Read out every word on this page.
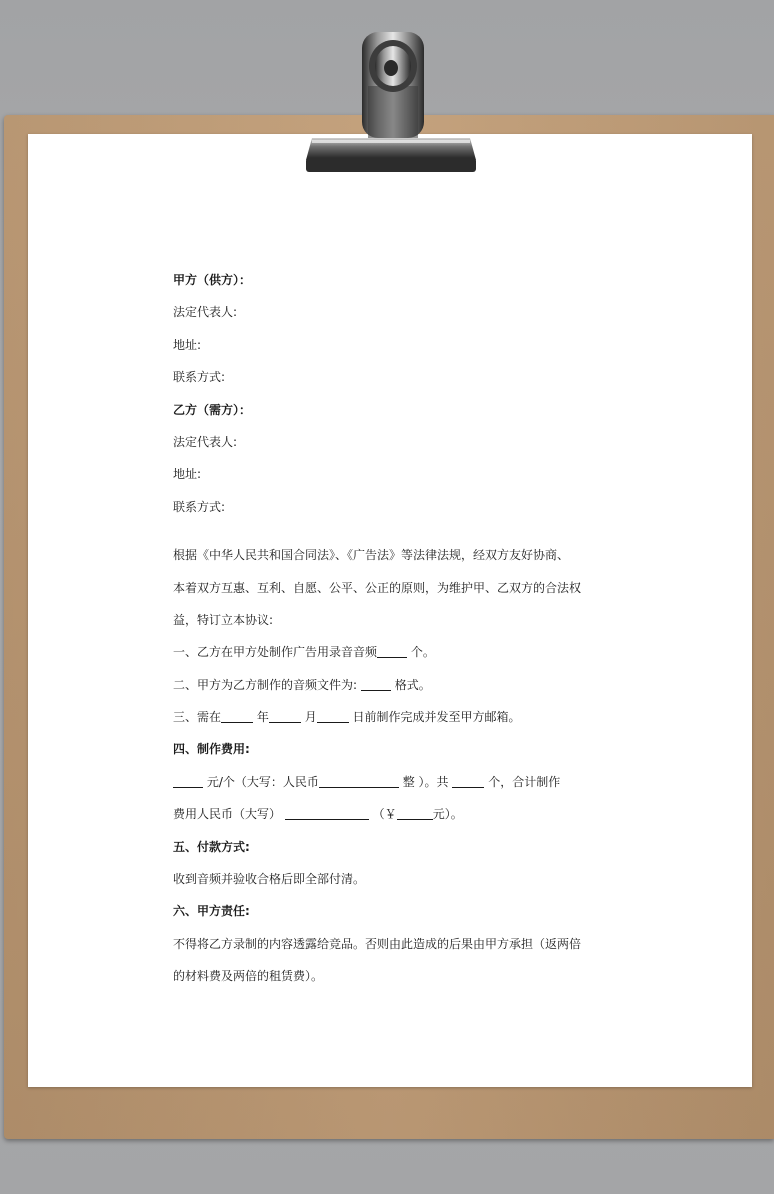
甲方（供方）：
法定代表人:
地址:
联系方式:
乙方（需方）：
法定代表人:
地址:
联系方式:
根据《中华人民共和国合同法》、《广告法》等法律法规，经双方友好协商、
本着双方互惠、互利、自愿、公平、公正的原则，为维护甲、乙双方的合法权
益，特订立本协议:
一、乙方在甲方处制作广告用录音音频	个。
二、甲方为乙方制作的音频文件为:	格式。
三、需在	年	月	日前制作完成并发至甲方邮箱。
四、制作费用:
元/个（大写：人民币	整 ）。共	个，合计制作
费用人民币（大写）	（￥	元）。
五、付款方式:
收到音频并验收合格后即全部付清。
六、甲方责任:
不得将乙方录制的内容透露给竞品。否则由此造成的后果由甲方承担（返两倍
的材料费及两倍的租赁费）。
